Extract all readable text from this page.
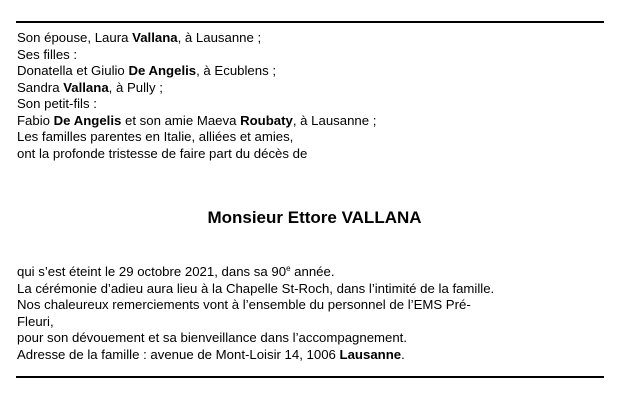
Son épouse, Laura Vallana, à Lausanne ;
Ses filles :
Donatella et Giulio De Angelis, à Ecublens ;
Sandra Vallana, à Pully ;
Son petit-fils :
Fabio De Angelis et son amie Maeva Roubaty, à Lausanne ;
Les familles parentes en Italie, alliées et amies,
ont la profonde tristesse de faire part du décès de
Monsieur Ettore VALLANA
qui s’est éteint le 29 octobre 2021, dans sa 90e année.
La cérémonie d’adieu aura lieu à la Chapelle St-Roch, dans l’intimité de la famille.
Nos chaleureux remerciements vont à l’ensemble du personnel de l’EMS Pré-
Fleuri,
pour son dévouement et sa bienveillance dans l’accompagnement.
Adresse de la famille : avenue de Mont-Loisir 14, 1006 Lausanne.
